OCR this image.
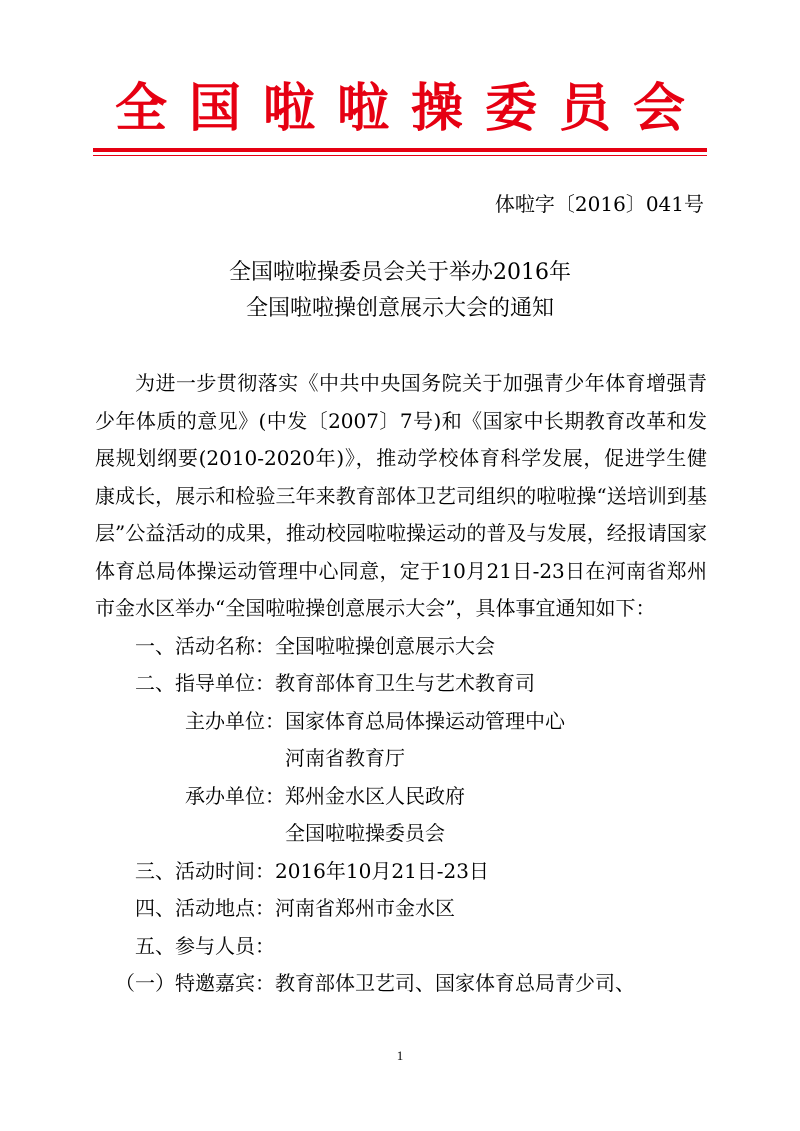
全国啦啦操委员会
体啦字〔2016〕041号
全国啦啦操委员会关于举办2016年
全国啦啦操创意展示大会的通知

为进一步贯彻落实《中共中央国务院关于加强青少年体育增强青少年体质的意见》(中发〔2007〕7号)和《国家中长期教育改革和发展规划纲要(2010-2020年)》，推动学校体育科学发展，促进学生健康成长，展示和检验三年来教育部体卫艺司组织的啦啦操“送培训到基层”公益活动的成果，推动校园啦啦操运动的普及与发展，经报请国家体育总局体操运动管理中心同意，定于10月21日-23日在河南省郑州市金水区举办“全国啦啦操创意展示大会”，具体事宜通知如下：

一、活动名称：全国啦啦操创意展示大会

二、指导单位：教育部体育卫生与艺术教育司

主办单位：国家体育总局体操运动管理中心

河南省教育厅

承办单位：郑州金水区人民政府

全国啦啦操委员会

三、活动时间：2016年10月21日-23日

四、活动地点：河南省郑州市金水区

五、参与人员：

（一）特邀嘉宾：教育部体卫艺司、国家体育总局青少司、

1
